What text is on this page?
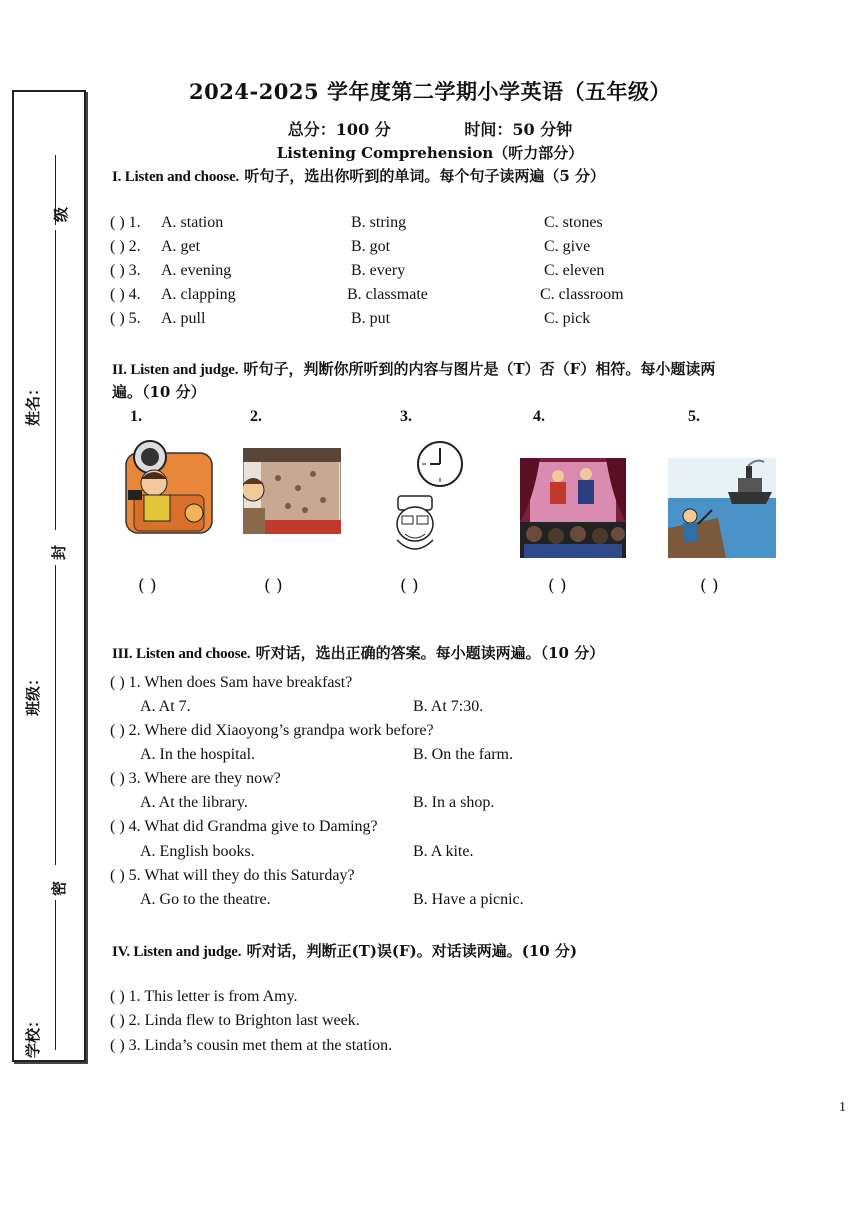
级
封
密
姓名：
班级：
学校：
2024-2025 学年度第二学期小学英语（五年级）
总分：100 分	时间：50 分钟
Listening Comprehension（听力部分）
I. Listen and choose. 听句子，选出你听到的单词。每个句子读两遍（5 分）
( ) 1. A. station	B. string	C. stones
( ) 2. A. get	B. got	C. give
( ) 3. A. evening	B. every	C. eleven
( ) 4. A. clapping	B. classmate	C. classroom
( ) 5. A. pull	B. put	C. pick
II. Listen and judge. 听句子，判断你所听到的内容与图片是（T）否（F）相符。每小题读两
遍。（10 分）
1.	2.	3.	4.	5.
( )	( )	( )	( )	( )
III. Listen and choose. 听对话，选出正确的答案。每小题读两遍。（10 分）
( ) 1. When does Sam have breakfast?
A. At 7.	B. At 7:30.
( ) 2. Where did Xiaoyong’s grandpa work before?
A. In the hospital.	B. On the farm.
( ) 3. Where are they now?
A. At the library.	B. In a shop.
( ) 4. What did Grandma give to Daming?
A. English books.	B. A kite.
( ) 5. What will they do this Saturday?
A. Go to the theatre.	B. Have a picnic.
IV. Listen and judge. 听对话，判断正(T)误(F)。对话读两遍。(10 分)
( ) 1. This letter is from Amy.
( ) 2. Linda flew to Brighton last week.
( ) 3. Linda’s cousin met them at the station.
1
